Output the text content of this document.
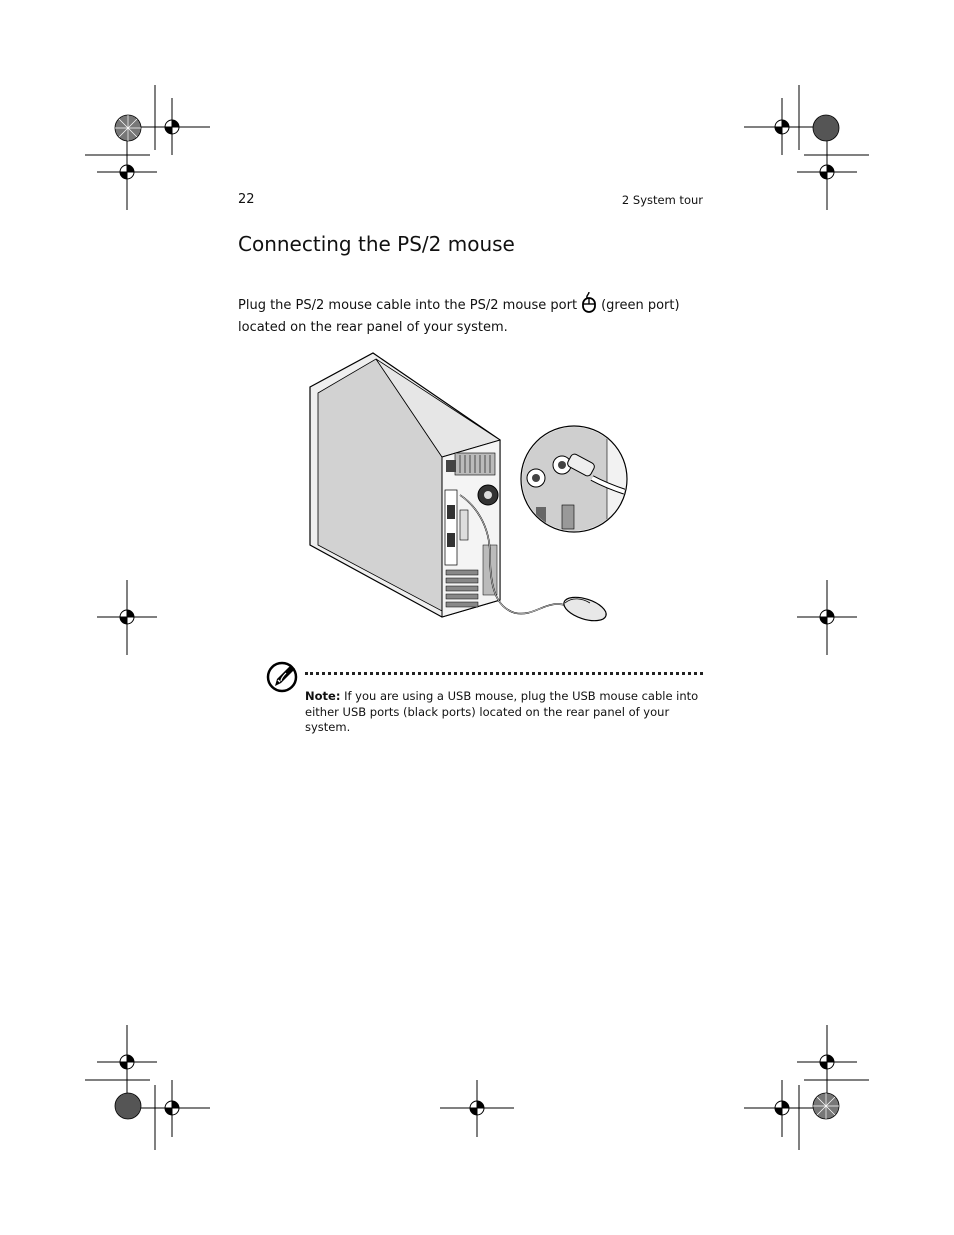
22	2 System tour
Connecting the PS/2 mouse
Plug the PS/2 mouse cable into the PS/2 mouse port (green port) located on the rear panel of your system.
Note: If you are using a USB mouse, plug the USB mouse cable into either USB ports (black ports) located on the rear panel of your system.
